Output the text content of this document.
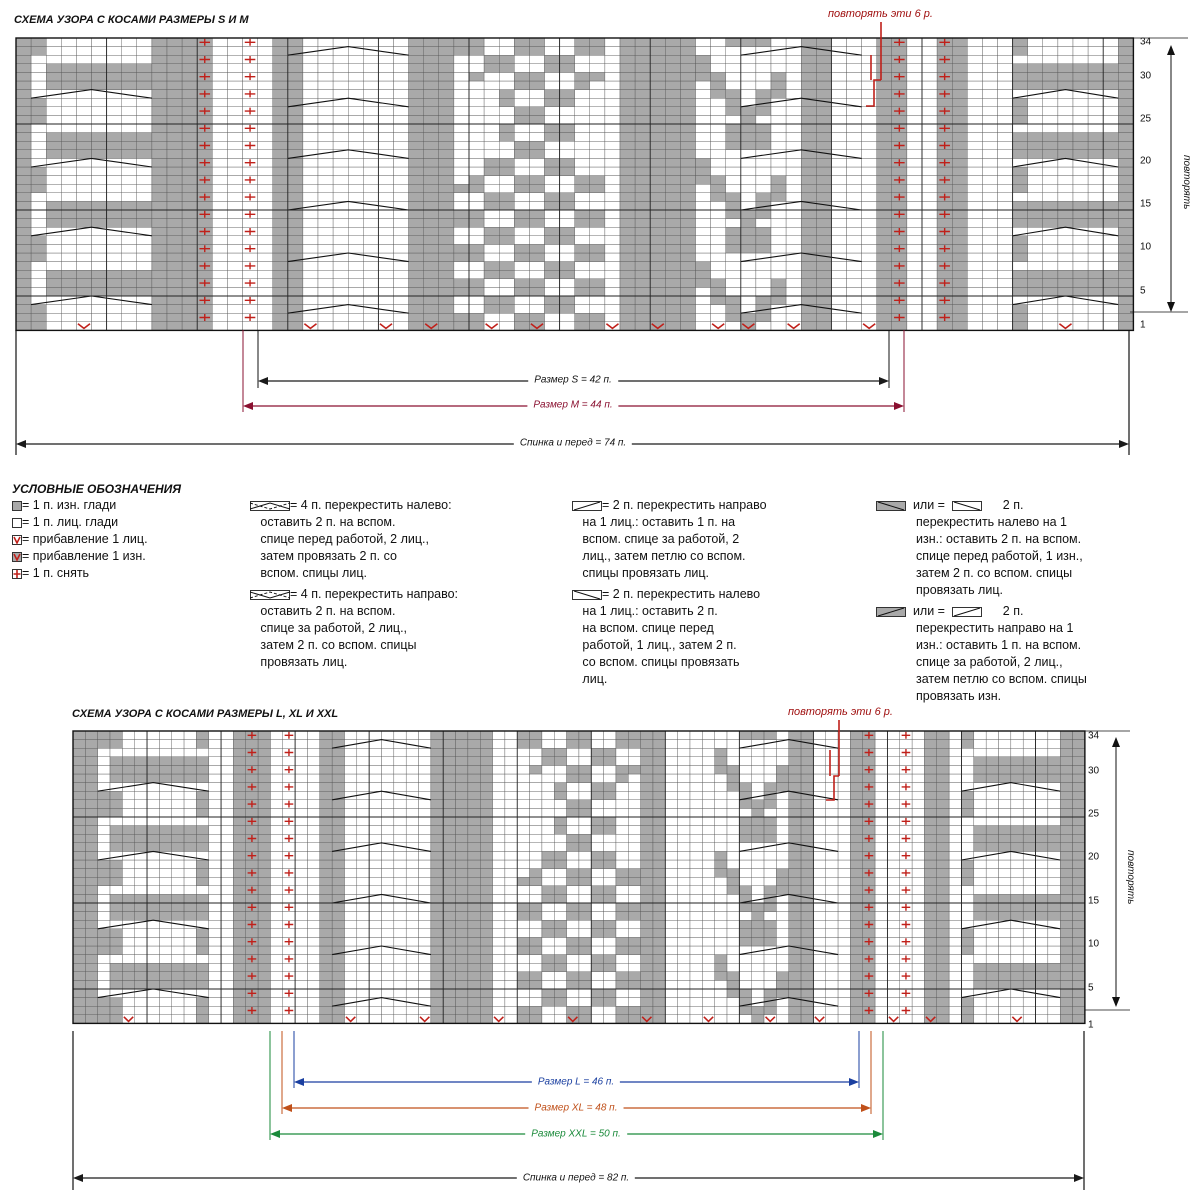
СХЕМА УЗОРА С КОСАМИ РАЗМЕРЫ S И M	повторять эти 6 р.
34
30
25
20
15
10
5
1
повторять
Размер S = 42 п.
Размер М = 44 п.
Спинка и перед = 74 п.
УСЛОВНЫЕ ОБОЗНАЧЕНИЯ
= 1 п. изн. глади
= 1 п. лиц. глади
= прибавление 1 лиц.
= прибавление 1 изн.
= 1 п. снять
= 4 п. перекрестить налево:
оставить 2 п. на вспом.
спице перед работой, 2 лиц.,
затем провязать 2 п. со
вспом. спицы лиц.
= 4 п. перекрестить направо:
оставить 2 п. на вспом.
спице за работой, 2 лиц.,
затем 2 п. со вспом. спицы
провязать лиц.
= 2 п. перекрестить направо
на 1 лиц.: оставить 1 п. на
вспом. спице за работой, 2
лиц., затем петлю со вспом.
спицы провязать лиц.
= 2 п. перекрестить налево
на 1 лиц.: оставить 2 п.
на вспом. спице перед
работой, 1 лиц., затем 2 п.
со вспом. спицы провязать
лиц.
или =	2 п.
перекрестить налево на 1
изн.: оставить 2 п. на вспом.
спице перед работой, 1 изн.,
затем 2 п. со вспом. спицы
провязать лиц.
или =	2 п.
перекрестить направо на 1
изн.: оставить 1 п. на вспом.
спице за работой, 2 лиц.,
затем петлю со вспом. спицы
провязать изн.
СХЕМА УЗОРА С КОСАМИ РАЗМЕРЫ L, XL И XXL	повторять эти 6 р.
34
30
25
20
15
10
5
1
повторять
Размер L = 46 п.
Размер XL = 48 п.
Размер XXL = 50 п.
Спинка и перед = 82 п.
